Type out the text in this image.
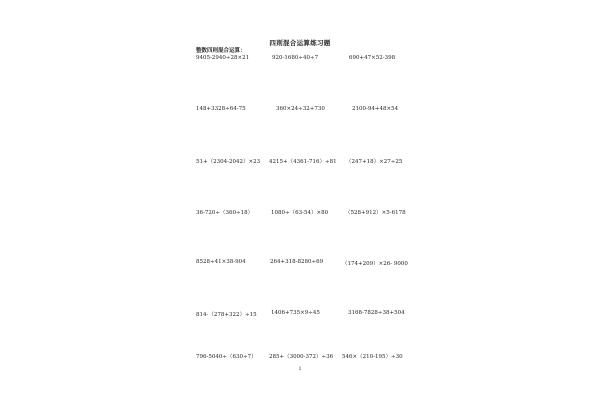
四则混合运算练习题
整数四则混合运算：
9405-2940÷28×21	920-1680÷40÷7	690+47×52-398
148+3328÷64-75	360×24÷32+730	2100-94+48×54
51+（2304-2042）×23 4215+（4361-716）÷81 （247+18）×27÷25
36-720÷（360÷18）	1080÷（63-54）×80	（528+912）×5-6178
8528÷41×38-904	264+318-8280÷69	（174+209）×26- 9000
814-（278+322）÷15	1406+735×9÷45	3168-7828÷38+504
796-5040÷（630÷7） 285+（3000-372）÷36 546×（210-195）÷30
1
